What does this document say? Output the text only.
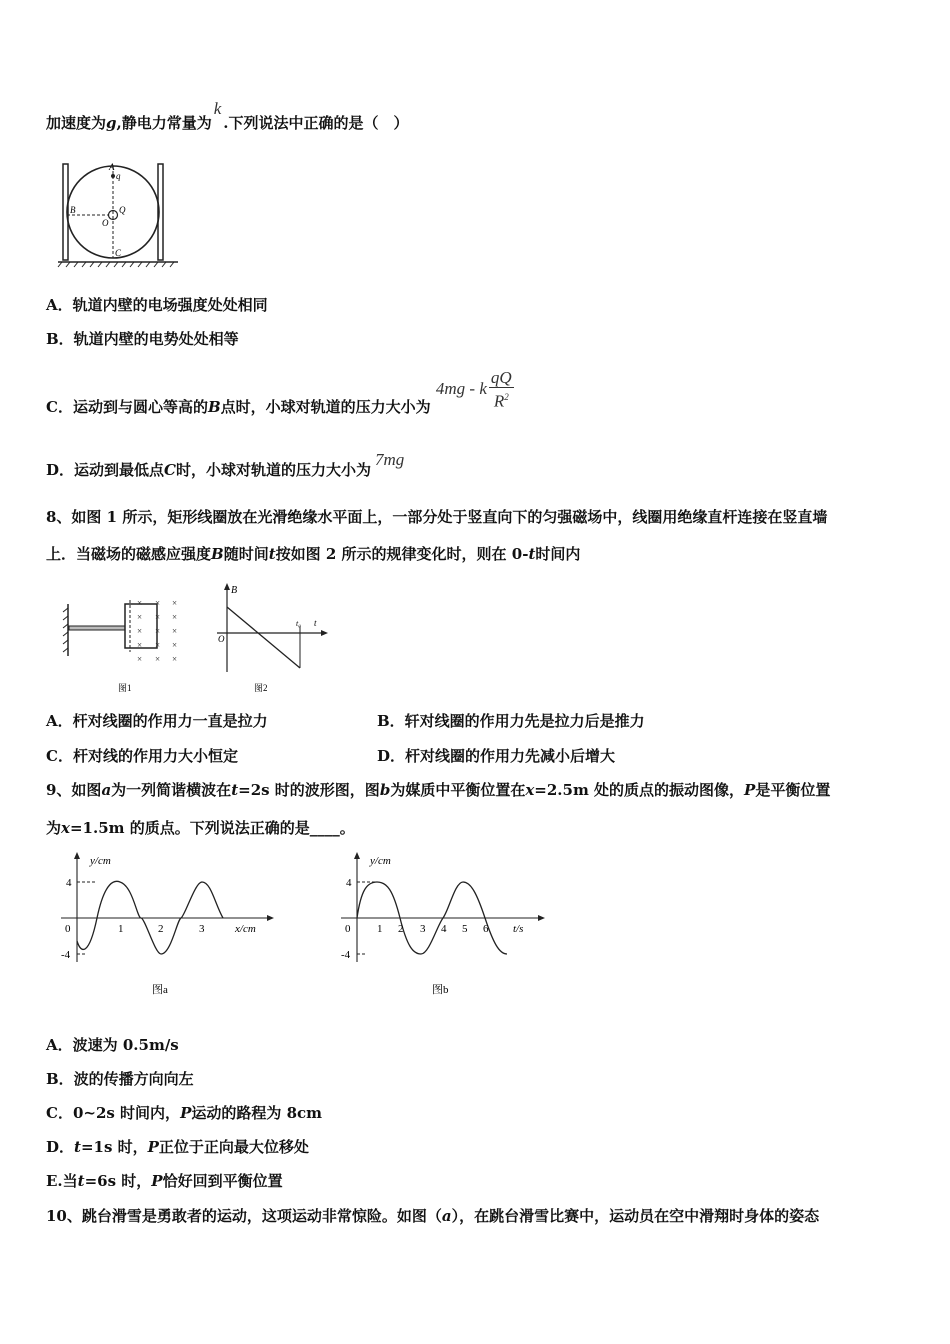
加速度为g,静电力常量为k.下列说法中正确的是（　）
A
q
B	Q
O
C
A．轨道内壁的电场强度处处相同
B．轨道内壁的电势处处相等
C．运动到与圆心等高的B点时，小球对轨道的压力大小为 4mg - k $\frac{qQ}{R^2}$
D．运动到最低点C时，小球对轨道的压力大小为7mg
8、如图 1 所示，矩形线圈放在光滑绝缘水平面上，一部分处于竖直向下的匀强磁场中，线圈用绝缘直杆连接在竖直墙
上．当磁场的磁感应强度B随时间t按如图 2 所示的规律变化时，则在 0-t时间内
× × ×
× × ×
× × ×
× × ×
× × ×
图1
B
O
t₀ t
图2
A．杆对线圈的作用力一直是拉力	B．轩对线圈的作用力先是拉力后是推力
C．杆对线的作用力大小恒定	D．杆对线圈的作用力先减小后增大
9、如图a为一列简谐横波在t=2s 时的波形图，图b为媒质中平衡位置在x=2.5m 处的质点的振动图像，P是平衡位置
为x=1.5m 的质点。下列说法正确的是____。
y/cm
4
-4
0	1	2	3	x/cm
图a
y/cm
4
-4
0 1 2 3 4 5 6 t/s
图b
A．波速为 0.5m/s
B．波的传播方向向左
C．0~2s 时间内，P运动的路程为 8cm
D．t=1s 时，P正位于正向最大位移处
E.当t=6s 时，P恰好回到平衡位置
10、跳台滑雪是勇敢者的运动，这项运动非常惊险。如图（a），在跳台滑雪比赛中，运动员在空中滑翔时身体的姿态
